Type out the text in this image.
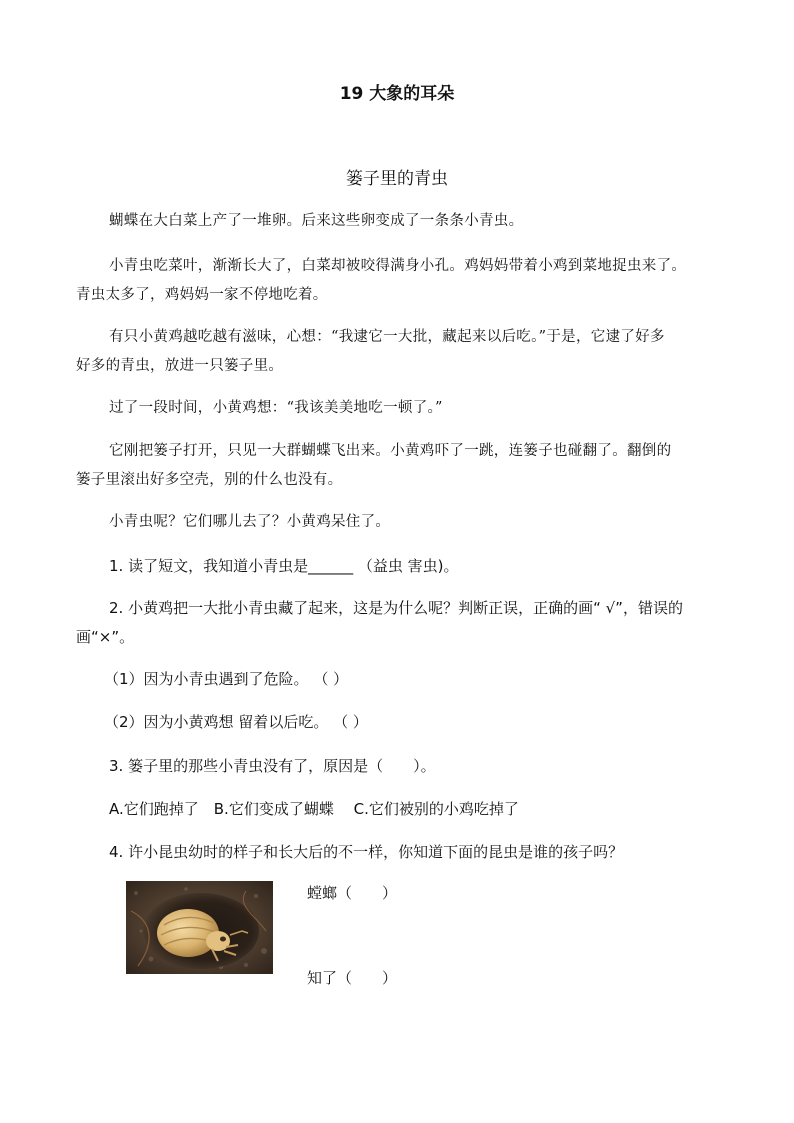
19 大象的耳朵
篓子里的青虫
蝴蝶在大白菜上产了一堆卵。后来这些卵变成了一条条小青虫。
小青虫吃菜叶，渐渐长大了，白菜却被咬得满身小孔。鸡妈妈带着小鸡到菜地捉虫来了。
青虫太多了，鸡妈妈一家不停地吃着。
有只小黄鸡越吃越有滋味，心想：“我逮它一大批，藏起来以后吃。”于是，它逮了好多
好多的青虫，放进一只篓子里。
过了一段时间，小黄鸡想：“我该美美地吃一顿了。”
它刚把篓子打开，只见一大群蝴蝶飞出来。小黄鸡吓了一跳，连篓子也碰翻了。翻倒的
篓子里滚出好多空壳，别的什么也没有。
小青虫呢？它们哪儿去了？小黄鸡呆住了。
1. 读了短文，我知道小青虫是______ （益虫 害虫)。
2. 小黄鸡把一大批小青虫藏了起来，这是为什么呢？判断正误，正确的画“ √”，错误的
画“×”。
（1）因为小青虫遇到了危险。 （ ）
（2）因为小黄鸡想 留着以后吃。 （ ）
3. 篓子里的那些小青虫没有了，原因是（　　）。
A.它们跑掉了　B.它们变成了蝴蝶　 C.它们被别的小鸡吃掉了
4. 许小昆虫幼时的样子和长大后的不一样，你知道下面的昆虫是谁的孩子吗？
螳螂（　　）
知了（　　）
